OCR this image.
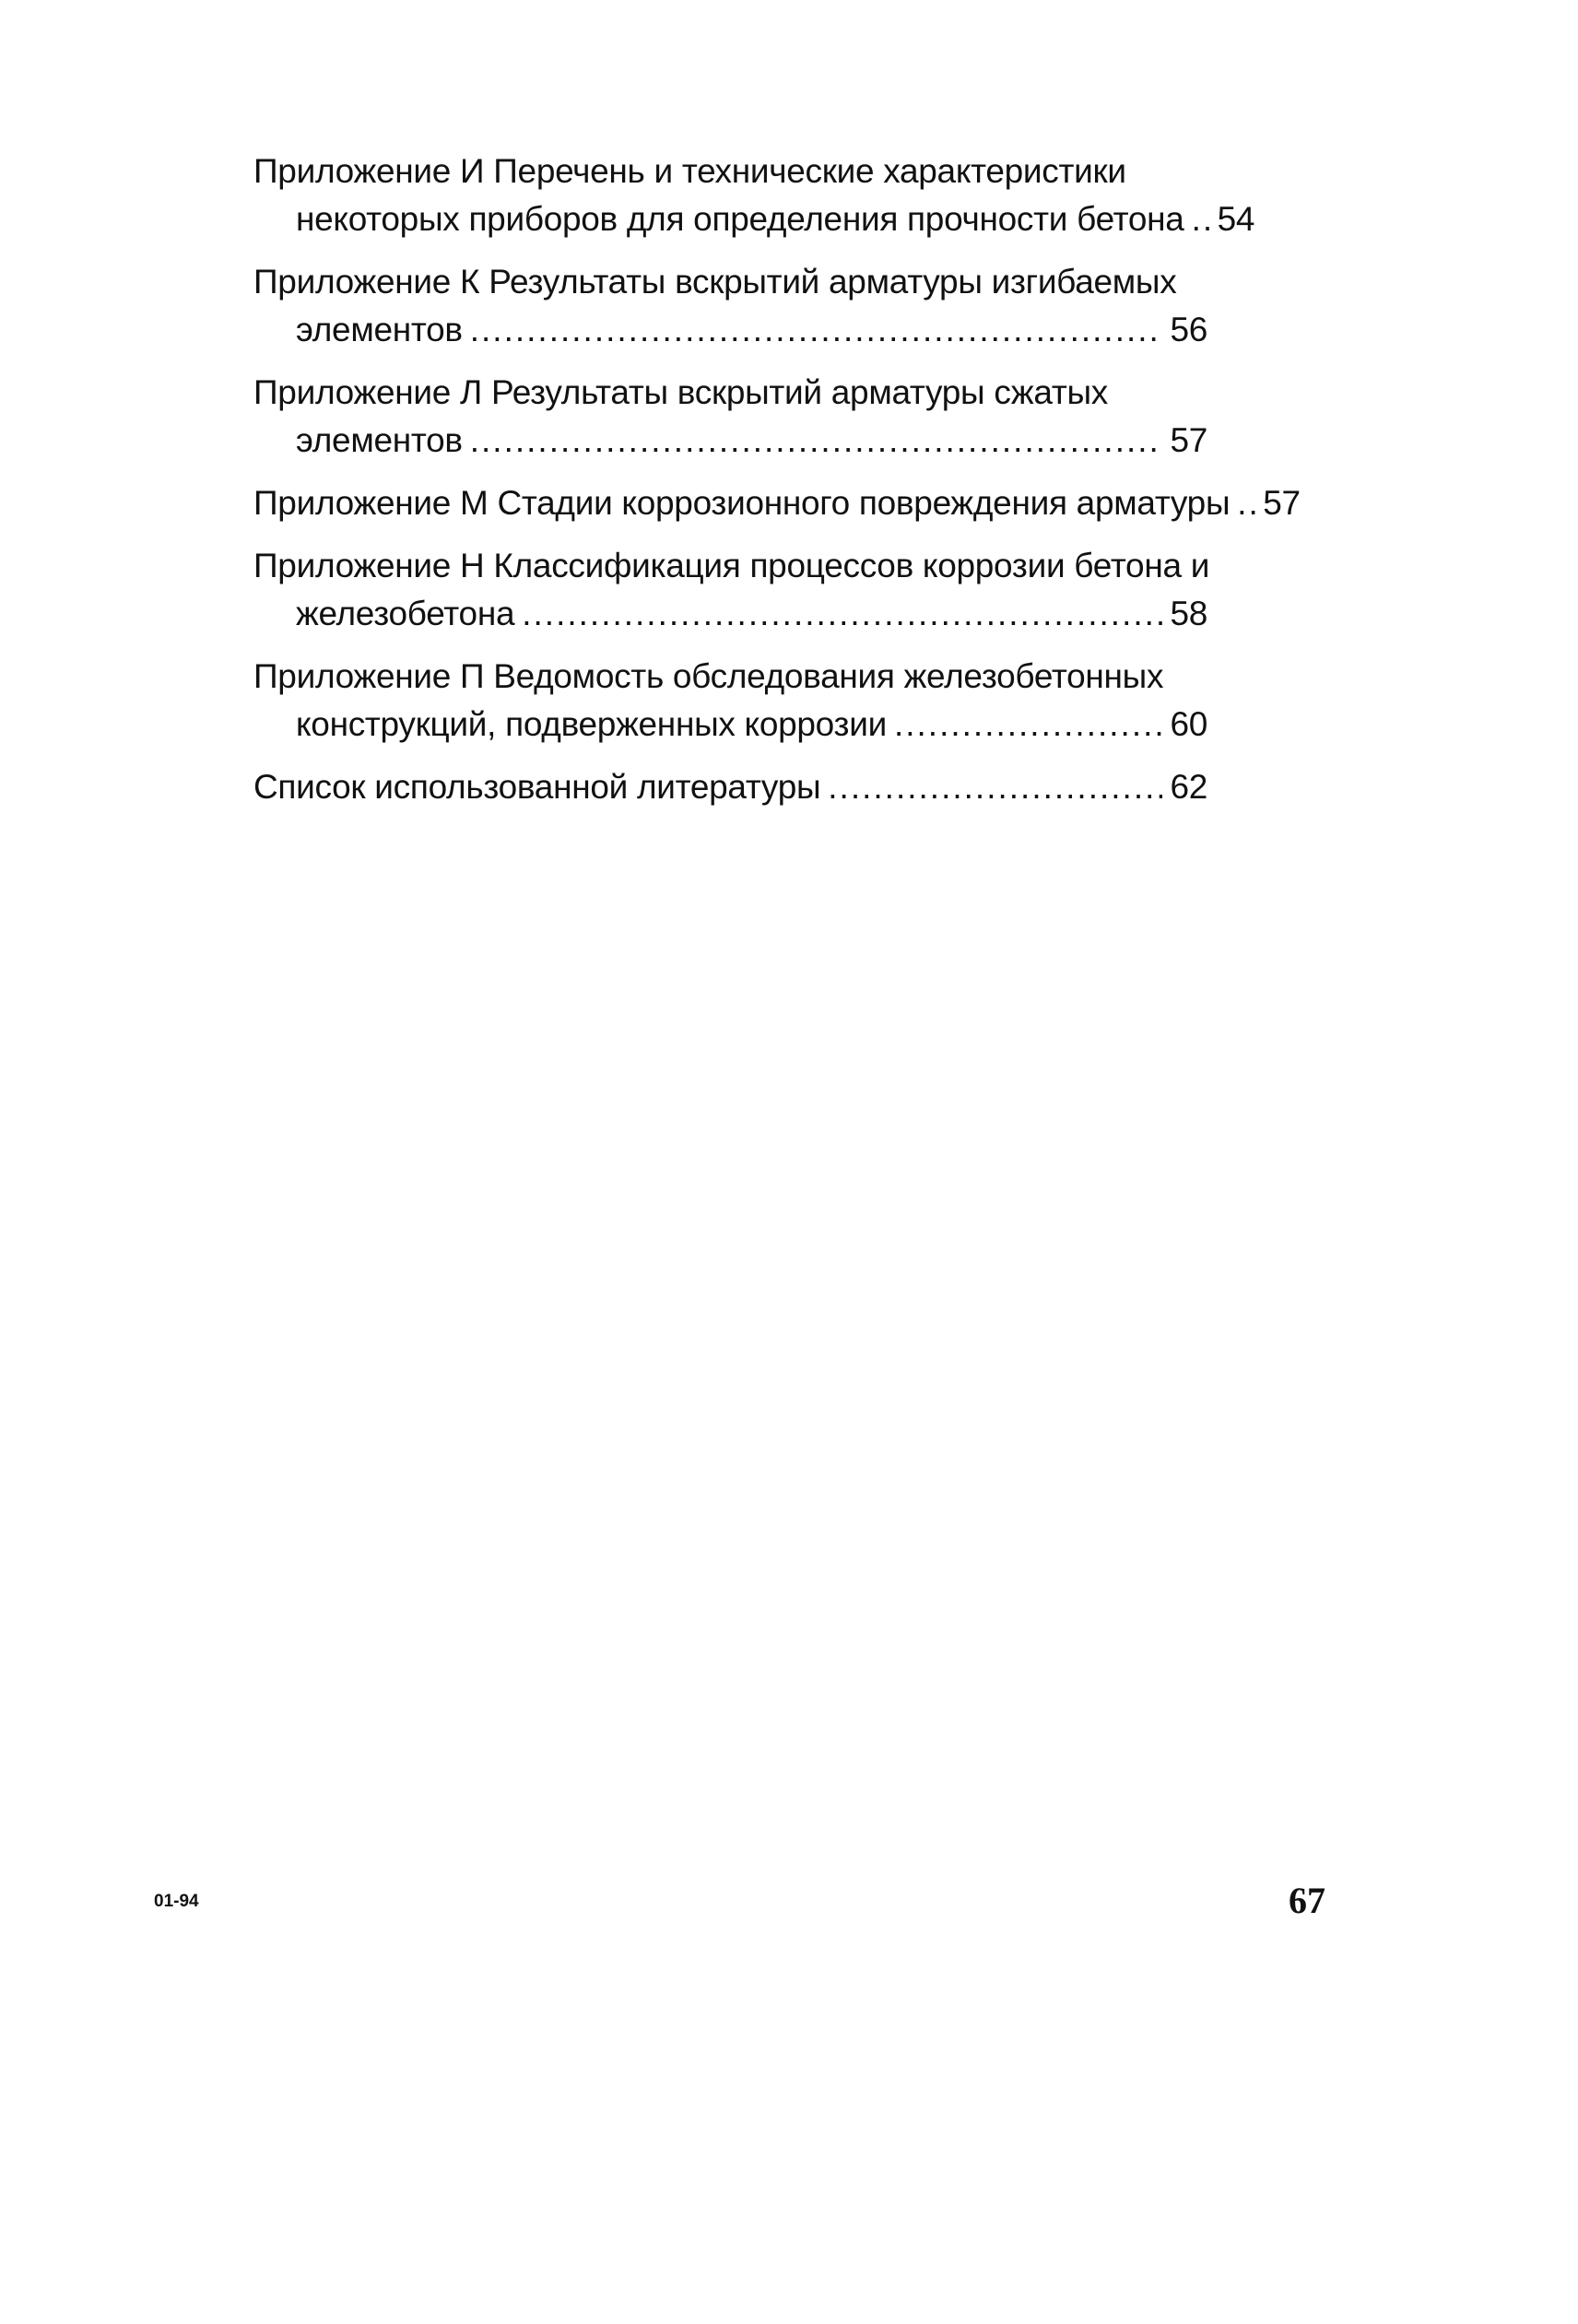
Приложение И Перечень и технические характеристики
некоторых приборов для определения прочности бетона ..... 54
Приложение К Результаты вскрытий арматуры изгибаемых
элементов .....	56
Приложение Л Результаты вскрытий арматуры сжатых
элементов .....	57
Приложение М Стадии коррозионного повреждения арматуры ..... 57
Приложение Н Классификация процессов коррозии бетона и
железобетона .....	58
Приложение П Ведомость обследования железобетонных
конструкций, подверженных коррозии .....	60
Список использованной литературы .....	62
01-94	67
